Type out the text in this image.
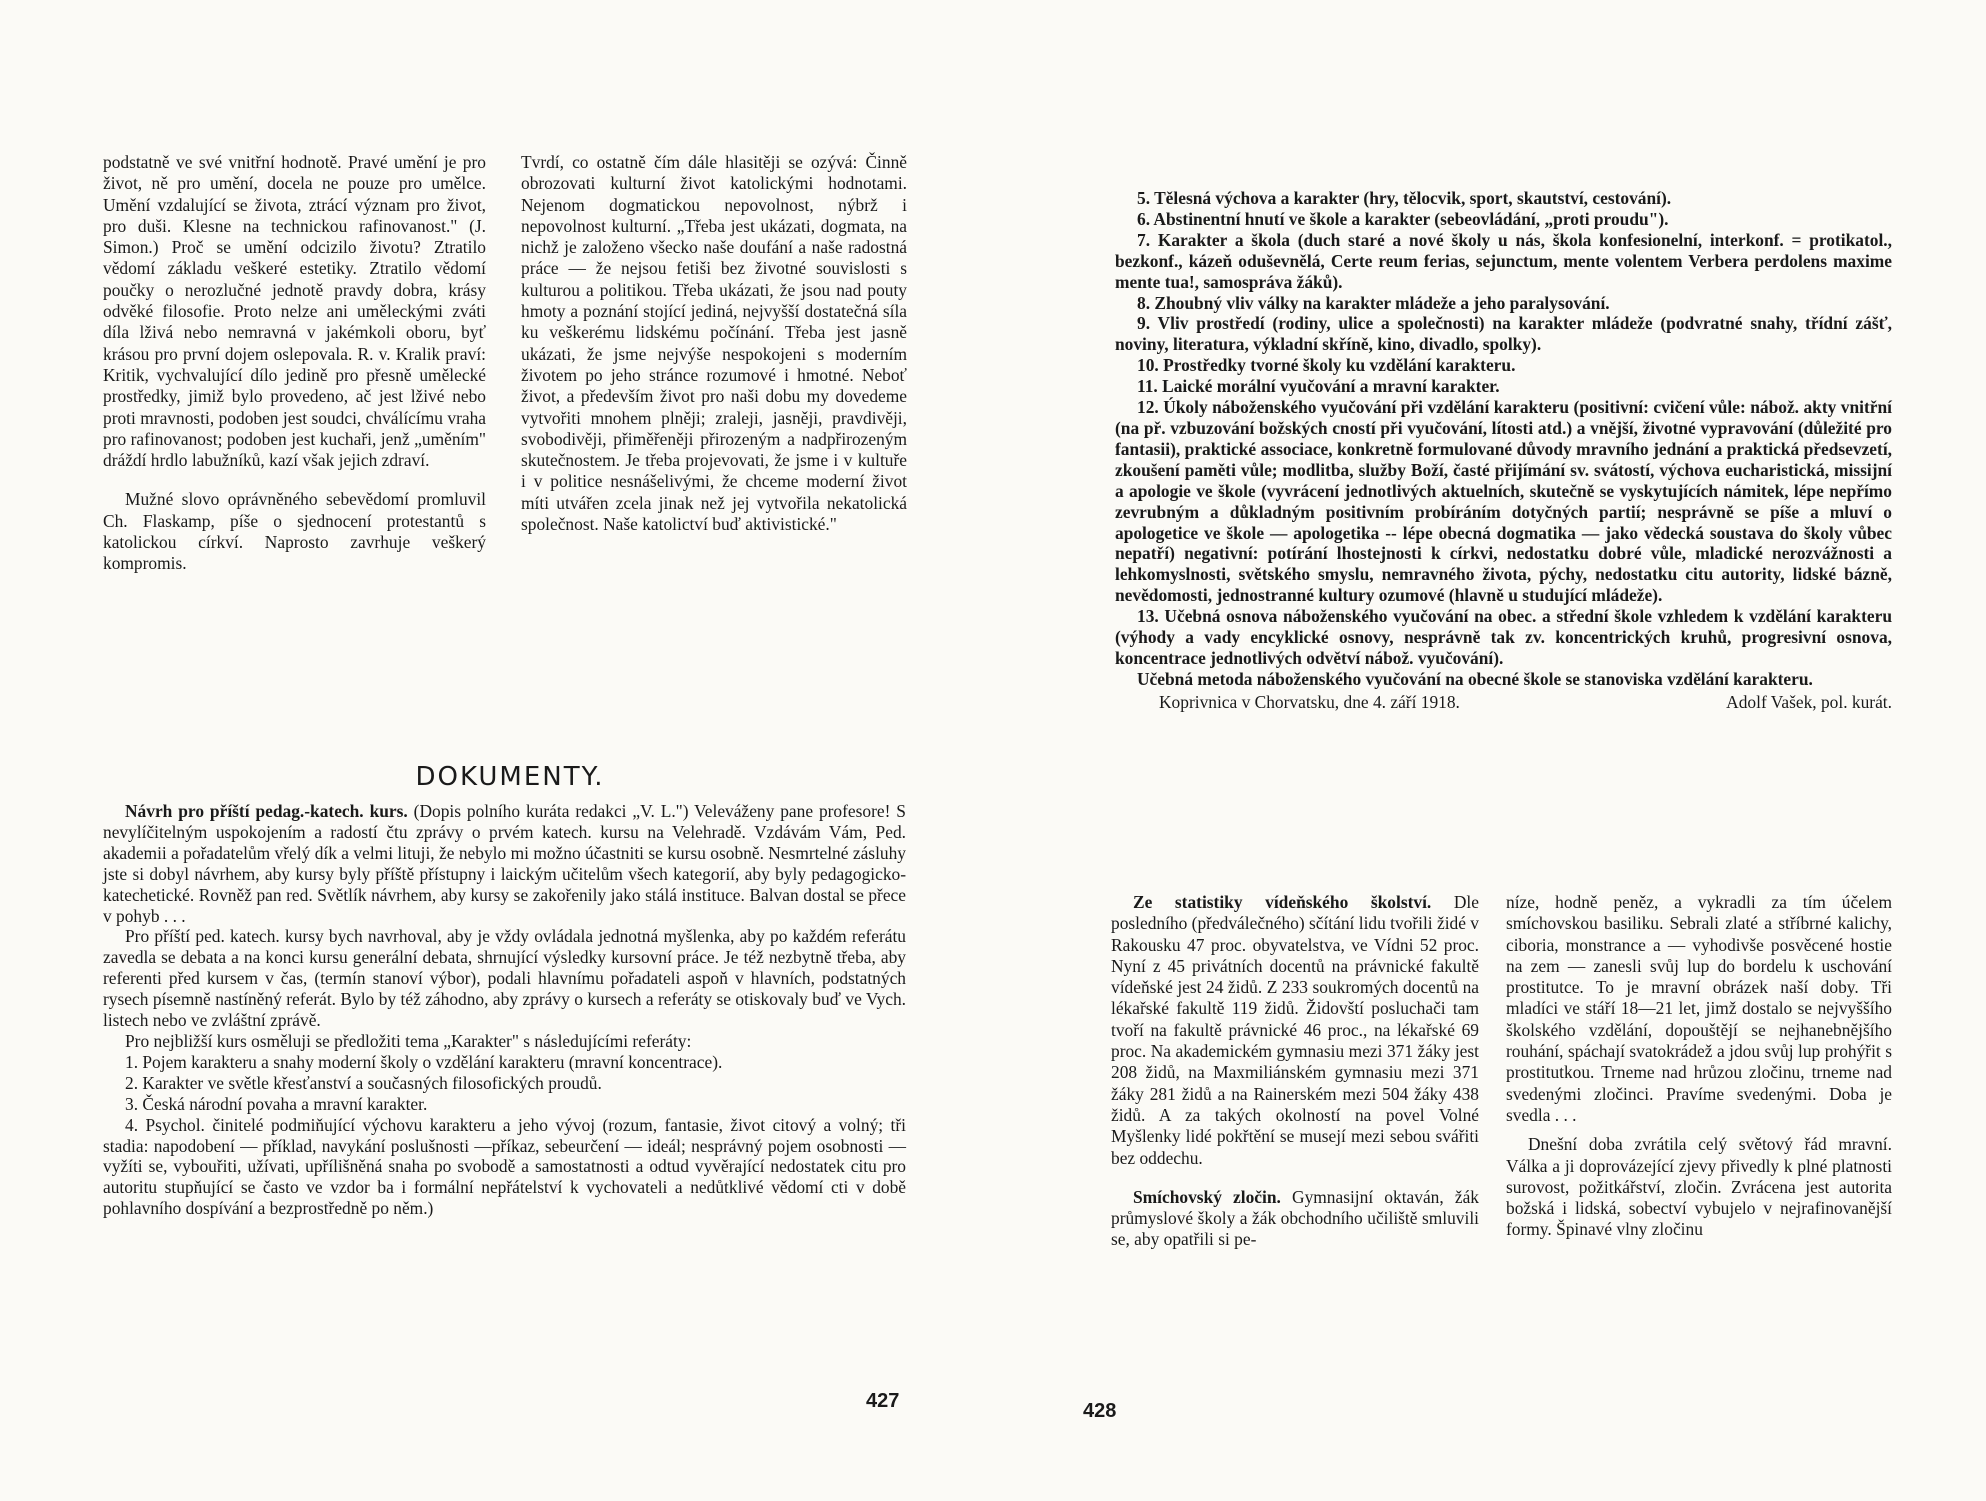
podstatně ve své vnitřní hodnotě. Pravé umění je pro život, ně pro umění, docela ne pouze pro umělce. Umění vzdalující se života, ztrácí význam pro život, pro duši. Klesne na technickou rafinovanost." (J. Simon.) Proč se umění odcizilo životu? Ztratilo vědomí základu veškeré estetiky. Ztratilo vědomí poučky o nerozlučné jednotě pravdy dobra, krásy odvěké filosofie. Proto nelze ani uměleckými zváti díla lživá nebo nemravná v jakémkoli oboru, byť krásou pro první dojem oslepovala. R. v. Kralik praví: Kritik, vychvalující dílo jedině pro přesně umělecké prostředky, jimiž bylo provedeno, ač jest lživé nebo proti mravnosti, podoben jest soudci, chválícímu vraha pro rafinovanost; podoben jest kuchaři, jenž „uměním" dráždí hrdlo labužníků, kazí však jejich zdraví.

Mužné slovo oprávněného sebevědomí promluvil Ch. Flaskamp, píše o sjednocení protestantů s katolickou církví. Naprosto zavrhuje veškerý kompromis.

Tvrdí, co ostatně čím dále hlasitěji se ozývá: Činně obrozovati kulturní život katolickými hodnotami. Nejenom dogmatickou nepovolnost, nýbrž i nepovolnost kulturní. „Třeba jest ukázati, dogmata, na nichž je založeno všecko naše doufání a naše radostná práce — že nejsou fetiši bez životné souvislosti s kulturou a politikou. Třeba ukázati, že jsou nad pouty hmoty a poznání stojící jediná, nejvyšší dostatečná síla ku veškerému lidskému počínání. Třeba jest jasně ukázati, že jsme nejvýše nespokojeni s moderním životem po jeho stránce rozumové i hmotné. Neboť život, a především život pro naši dobu my dovedeme vytvořiti mnohem plněji; zraleji, jasněji, pravdivěji, svobodivěji, přiměřeněji přirozeným a nadpřirozeným skutečnostem. Je třeba projevovati, že jsme i v kultuře i v politice nesnášelivými, že chceme moderní život míti utvářen zcela jinak než jej vytvořila nekatolická společnost. Naše katolictví buď aktivistické."

DOKUMENTY.

Návrh pro příští pedag.-katech. kurs. (Dopis polního kuráta redakci „V. L.") Veleváženy pane profesore! S nevylíčitelným uspokojením a radostí čtu zprávy o prvém katech. kursu na Velehradě. Vzdávám Vám, Ped. akademii a pořadatelům vřelý dík a velmi lituji, že nebylo mi možno účastniti se kursu osobně. Nesmrtelné zásluhy jste si dobyl návrhem, aby kursy byly příště přístupny i laickým učitelům všech kategorií, aby byly pedagogicko-katechetické. Rovněž pan red. Světlík návrhem, aby kursy se zakořenily jako stálá instituce. Balvan dostal se přece v pohyb . . .

Pro příští ped. katech. kursy bych navrhoval, aby je vždy ovládala jednotná myšlenka, aby po každém referátu zavedla se debata a na konci kursu generální debata, shrnující výsledky kursovní práce. Je též nezbytně třeba, aby referenti před kursem v čas, (termín stanoví výbor), podali hlavnímu pořadateli aspoň v hlavních, podstatných rysech písemně nastíněný referát. Bylo by též záhodno, aby zprávy o kursech a referáty se otiskovaly buď ve Vych. listech nebo ve zvláštní zprávě.

Pro nejbližší kurs osměluji se předložiti tema „Karakter" s následujícími referáty:

1. Pojem karakteru a snahy moderní školy o vzdělání karakteru (mravní koncentrace).

2. Karakter ve světle křesťanství a současných filosofických proudů.

3. Česká národní povaha a mravní karakter.

4. Psychol. činitelé podmiňující výchovu karakteru a jeho vývoj (rozum, fantasie, život citový a volný; tři stadia: napodobení — příklad, navykání poslušnosti —příkaz, sebeurčení — ideál; nesprávný pojem osobnosti — vyžíti se, vybouřiti, užívati, upřílišněná snaha po svobodě a samostatnosti a odtud vyvěrající nedostatek citu pro autoritu stupňující se často ve vzdor ba i formální nepřátelství k vychovateli a nedůtklivé vědomí cti v době pohlavního dospívání a bezprostředně po něm.)

427

5. Tělesná výchova a karakter (hry, tělocvik, sport, skautství, cestování).

6. Abstinentní hnutí ve škole a karakter (sebeovládání, „proti proudu").

7. Karakter a škola (duch staré a nové školy u nás, škola konfesionelní, interkonf. = protikatol., bezkonf., kázeň oduševnělá, Certe reum ferias, sejunctum, mente volentem Verbera perdolens maxime mente tua!, samospráva žáků).

8. Zhoubný vliv války na karakter mládeže a jeho paralysování.

9. Vliv prostředí (rodiny, ulice a společnosti) na karakter mládeže (podvratné snahy, třídní zášť, noviny, literatura, výkladní skříně, kino, divadlo, spolky).

10. Prostředky tvorné školy ku vzdělání karakteru.

11. Laické morální vyučování a mravní karakter.

12. Úkoly náboženského vyučování při vzdělání karakteru (positivní: cvičení vůle: nábož. akty vnitřní (na př. vzbuzování božských cností při vyučování, lítosti atd.) a vnější, životné vypravování (důležité pro fantasii), praktické associace, konkretně formulované důvody mravního jednání a praktická předsevzetí, zkoušení paměti vůle; modlitba, služby Boží, časté přijímání sv. svátostí, výchova eucharistická, missijní a apologie ve škole (vyvrácení jednotlivých aktuelních, skutečně se vyskytujících námitek, lépe nepřímo zevrubným a důkladným positivním probíráním dotyčných partií; nesprávně se píše a mluví o apologetice ve škole — apologetika -- lépe obecná dogmatika — jako vědecká soustava do školy vůbec nepatří) negativní: potírání lhostejnosti k církvi, nedostatku dobré vůle, mladické nerozvážnosti a lehkomyslnosti, světského smyslu, nemravného života, pýchy, nedostatku citu autority, lidské bázně, nevědomosti, jednostranné kultury ozumové (hlavně u studující mládeže).

13. Učebná osnova náboženského vyučování na obec. a střední škole vzhledem k vzdělání karakteru (výhody a vady encyklické osnovy, nesprávně tak zv. koncentrických kruhů, progresivní osnova, koncentrace jednotlivých odvětví nábož. vyučování).

Učebná metoda náboženského vyučování na obecné škole se stanoviska vzdělání karakteru.

Koprivnica v Chorvatsku, dne 4. září 1918.	Adolf Vašek, pol. kurát.

Ze statistiky vídeňského školství. Dle posledního (předválečného) sčítání lidu tvořili židé v Rakousku 47 proc. obyvatelstva, ve Vídni 52 proc. Nyní z 45 privátních docentů na právnické fakultě vídeňské jest 24 židů. Z 233 soukromých docentů na lékařské fakultě 119 židů. Židovští posluchači tam tvoří na fakultě právnické 46 proc., na lékařské 69 proc. Na akademickém gymnasiu mezi 371 žáky jest 208 židů, na Maxmiliánském gymnasiu mezi 371 žáky 281 židů a na Rainerském mezi 504 žáky 438 židů. A za takých okolností na povel Volné Myšlenky lidé pokřtění se musejí mezi sebou svářiti bez oddechu.

Smíchovský zločin. Gymnasijní oktaván, žák průmyslové školy a žák obchodního učiliště smluvili se, aby opatřili si pe-

níze, hodně peněz, a vykradli za tím účelem smíchovskou basiliku. Sebrali zlaté a stříbrné kalichy, ciboria, monstrance a — vyhodivše posvěcené hostie na zem — zanesli svůj lup do bordelu k uschování prostitutce. To je mravní obrázek naší doby. Tři mladíci ve stáří 18—21 let, jimž dostalo se nejvyššího školského vzdělání, dopouštějí se nejhanebnějšího rouhání, spáchají svatokrádež a jdou svůj lup prohýřit s prostitutkou. Trneme nad hrůzou zločinu, trneme nad svedenými zločinci. Pravíme svedenými. Doba je svedla . . .

Dnešní doba zvrátila celý světový řád mravní. Válka a ji doprovázející zjevy přivedly k plné platnosti surovost, požitkářství, zločin. Zvrácena jest autorita božská i lidská, sobectví vybujelo v nejrafinovanější formy. Špinavé vlny zločinu

428
